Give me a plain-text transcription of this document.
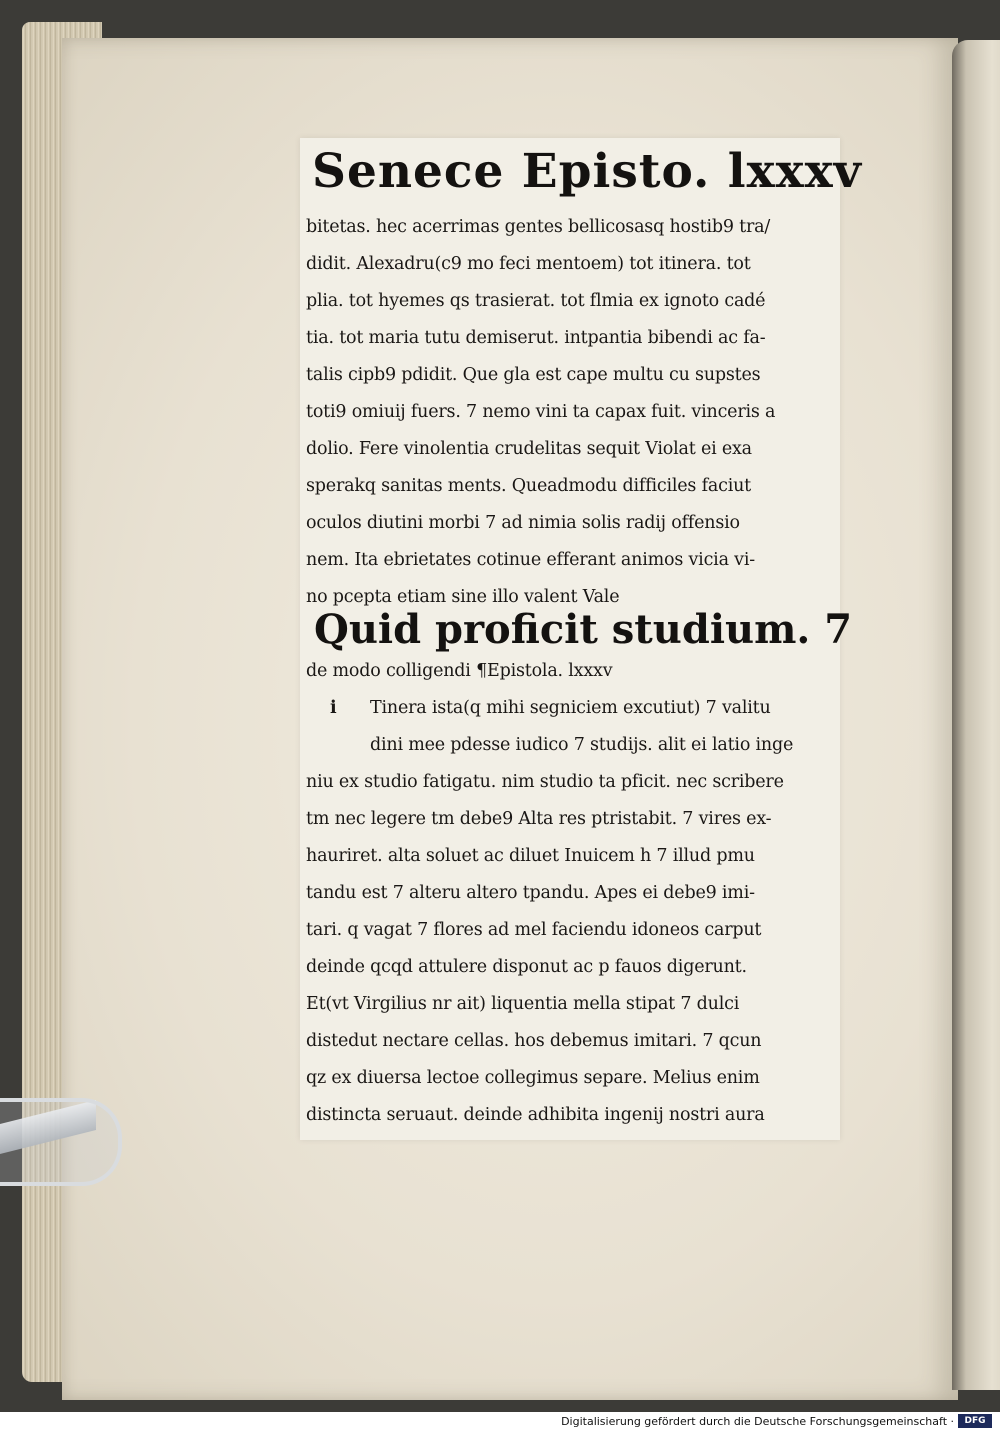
Senece Episto. lxxxv
bitetas. hec acerrimas gentes bellicosasq hostib9 tra/
didit. Alexadru(c9 mo feci mentoem) tot itinera. tot
plia. tot hyemes qs trasierat. tot flmia ex ignoto cadé
tia. tot maria tutu demiserut. intpantia bibendi ac fa-
talis cipb9 pdidit. Que gla est cape multu cu supstes
toti9 omiuij fuers. 7 nemo vini ta capax fuit. vinceris a
dolio. Fere vinolentia crudelitas sequit Violat ei exa
sperakq sanitas ments. Queadmodu difficiles faciut
oculos diutini morbi 7 ad nimia solis radij offensio
nem. Ita ebrietates cotinue efferant animos vicia vi-
no pcepta etiam sine illo valent Vale
Quid proficit studium. 7
de modo colligendi ¶Epistola. lxxxv
i	Tinera ista(q mihi segniciem excutiut) 7 valitu
dini mee pdesse iudico 7 studijs. alit ei latio inge
niu ex studio fatigatu. nim studio ta pficit. nec scribere
tm nec legere tm debe9 Alta res ptristabit. 7 vires ex-
hauriret. alta soluet ac diluet Inuicem h 7 illud pmu
tandu est 7 alteru altero tpandu. Apes ei debe9 imi-
tari. q vagat 7 flores ad mel faciendu idoneos carput
deinde qcqd attulere disponut ac p fauos digerunt.
Et(vt Virgilius nr ait) liquentia mella stipat 7 dulci
distedut nectare cellas. hos debemus imitari. 7 qcun
qz ex diuersa lectoe collegimus separe. Melius enim
distincta seruaut. deinde adhibita ingenij nostri aura
Digitalisierung gefördert durch die Deutsche Forschungsgemeinschaft ·	DFG
